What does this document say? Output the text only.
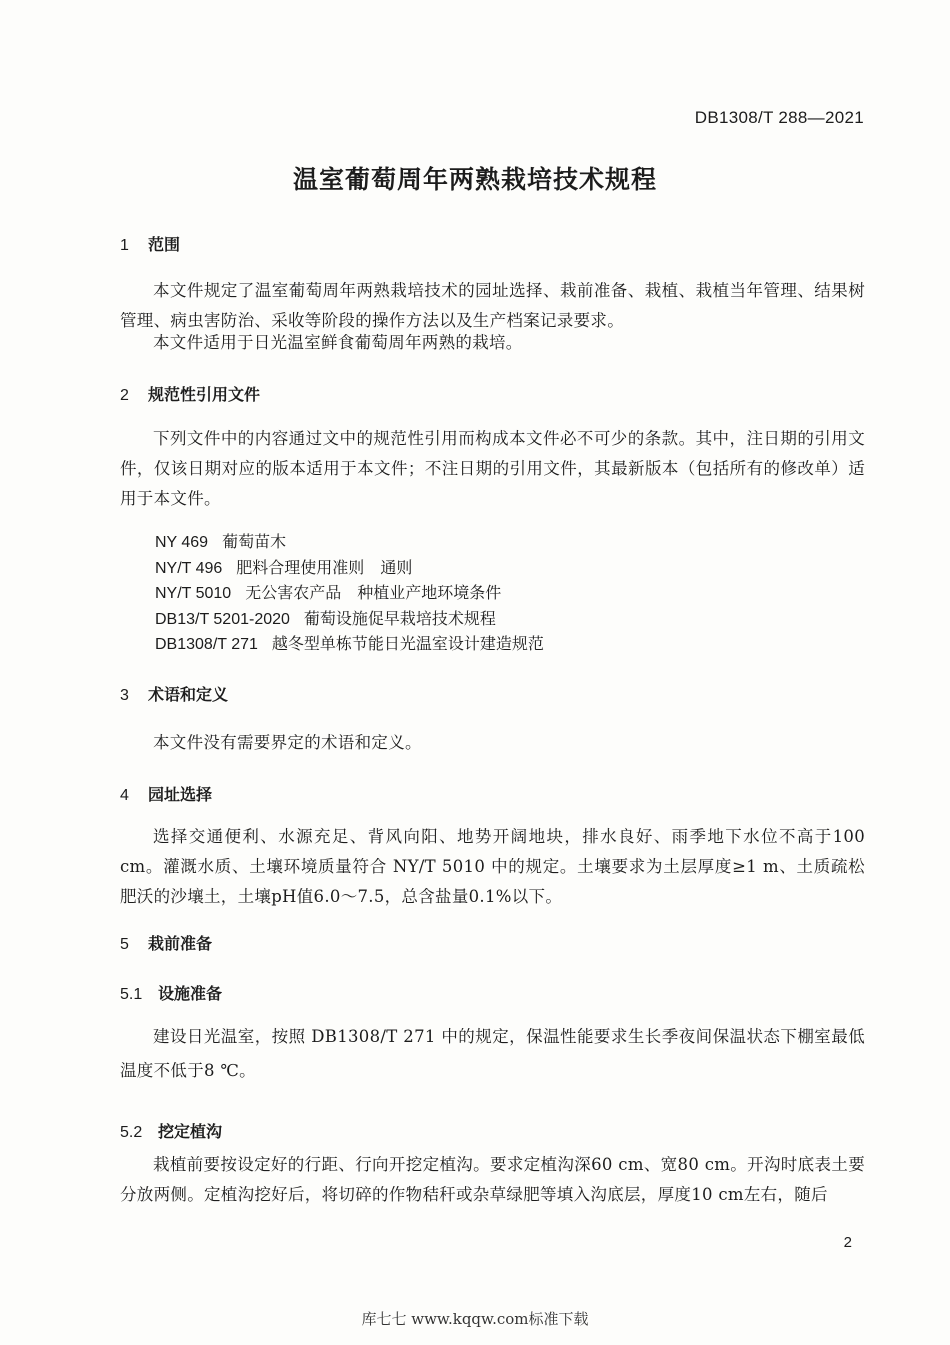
DB1308/T 288—2021
温室葡萄周年两熟栽培技术规程
1 范围
本文件规定了温室葡萄周年两熟栽培技术的园址选择、栽前准备、栽植、栽植当年管理、结果树管理、病虫害防治、采收等阶段的操作方法以及生产档案记录要求。
本文件适用于日光温室鲜食葡萄周年两熟的栽培。
2 规范性引用文件
下列文件中的内容通过文中的规范性引用而构成本文件必不可少的条款。其中，注日期的引用文件，仅该日期对应的版本适用于本文件；不注日期的引用文件，其最新版本（包括所有的修改单）适用于本文件。
NY 469 葡萄苗木
NY/T 496 肥料合理使用准则 通则
NY/T 5010 无公害农产品 种植业产地环境条件
DB13/T 5201-2020 葡萄设施促早栽培技术规程
DB1308/T 271 越冬型单栋节能日光温室设计建造规范
3 术语和定义
本文件没有需要界定的术语和定义。
4 园址选择
选择交通便利、水源充足、背风向阳、地势开阔地块，排水良好、雨季地下水位不高于100 cm。灌溉水质、土壤环境质量符合 NY/T 5010 中的规定。土壤要求为土层厚度≥1 m、土质疏松肥沃的沙壤土，土壤pH值6.0～7.5，总含盐量0.1%以下。
5 栽前准备
5.1 设施准备
建设日光温室，按照 DB1308/T 271 中的规定，保温性能要求生长季夜间保温状态下棚室最低温度不低于8 ℃。
5.2 挖定植沟
栽植前要按设定好的行距、行向开挖定植沟。要求定植沟深60 cm、宽80 cm。开沟时底表土要分放两侧。定植沟挖好后，将切碎的作物秸秆或杂草绿肥等填入沟底层，厚度10 cm左右，随后
2
库七七 www.kqqw.com标准下载
